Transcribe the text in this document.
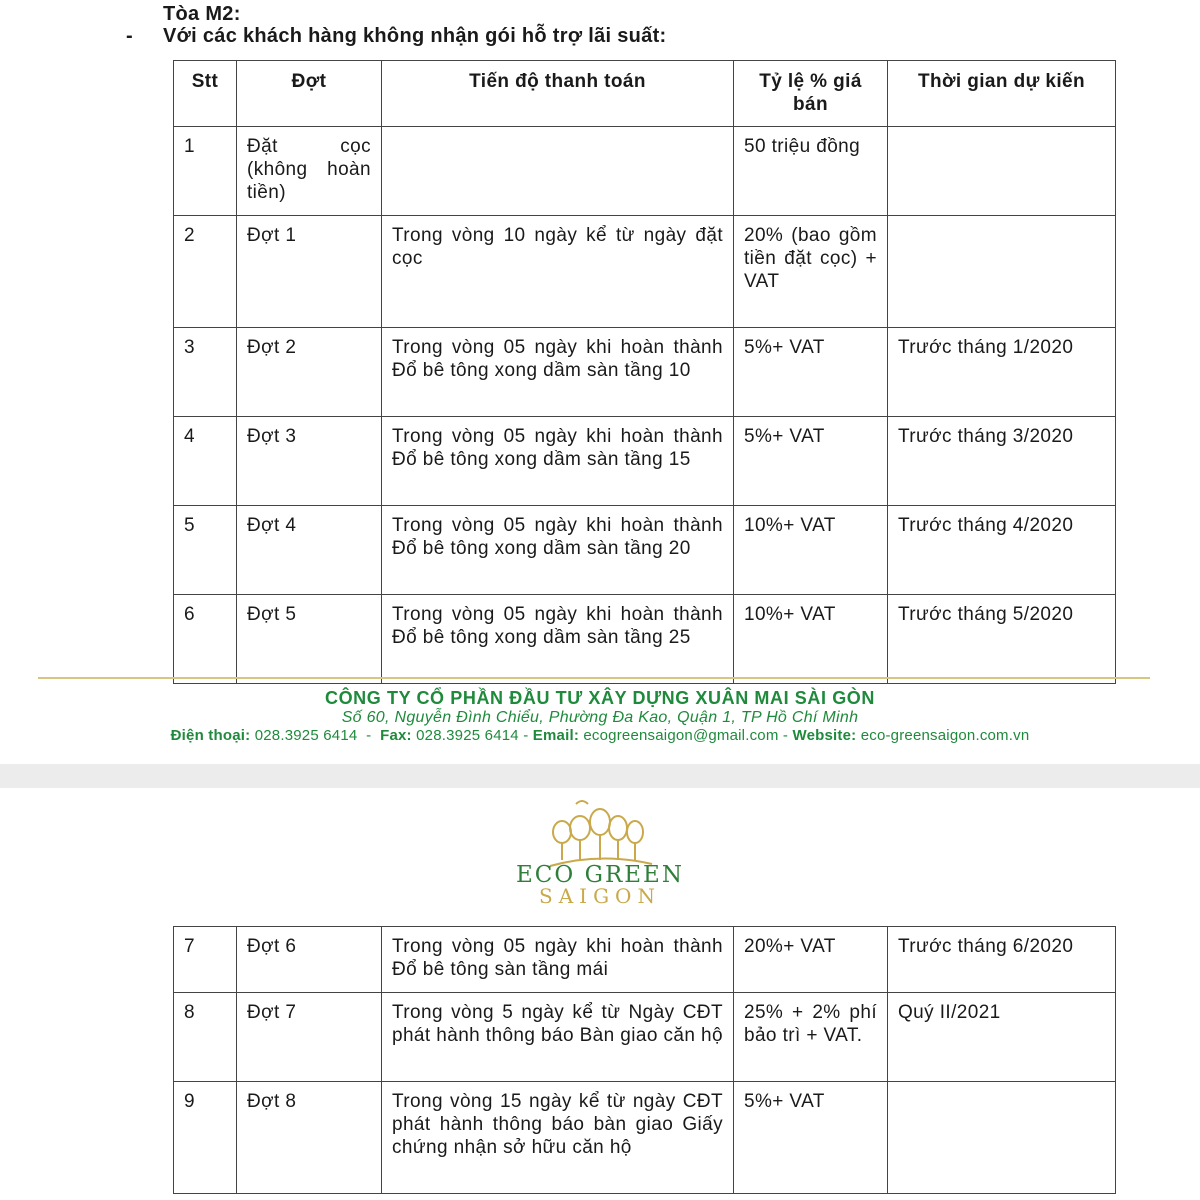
Tòa M2:
- Với các khách hàng không nhận gói hỗ trợ lãi suất:
Stt	Đợt	Tiến độ thanh toán	Tỷ lệ % giá bán	Thời gian dự kiến
1	Đặt cọc (không hoàn tiền)		50 triệu đồng	
2	Đợt 1	Trong vòng 10 ngày kể từ ngày đặt cọc	20% (bao gồm tiền đặt cọc) + VAT	
3	Đợt 2	Trong vòng 05 ngày khi hoàn thành Đổ bê tông xong dầm sàn tầng 10	5%+ VAT	Trước tháng 1/2020
4	Đợt 3	Trong vòng 05 ngày khi hoàn thành Đổ bê tông xong dầm sàn tầng 15	5%+ VAT	Trước tháng 3/2020
5	Đợt 4	Trong vòng 05 ngày khi hoàn thành Đổ bê tông xong dầm sàn tầng 20	10%+ VAT	Trước tháng 4/2020
6	Đợt 5	Trong vòng 05 ngày khi hoàn thành Đổ bê tông xong dầm sàn tầng 25	10%+ VAT	Trước tháng 5/2020
CÔNG TY CỔ PHẦN ĐẦU TƯ XÂY DỰNG XUÂN MAI SÀI GÒN
Số 60, Nguyễn Đình Chiểu, Phường Đa Kao, Quận 1, TP Hồ Chí Minh
Điện thoại: 028.3925 6414 - Fax: 028.3925 6414 - Email: ecogreensaigon@gmail.com - Website: eco-greensaigon.com.vn
ECO GREEN
SAIGON
7	Đợt 6	Trong vòng 05 ngày khi hoàn thành Đổ bê tông sàn tầng mái	20%+ VAT	Trước tháng 6/2020
8	Đợt 7	Trong vòng 5 ngày kể từ Ngày CĐT phát hành thông báo Bàn giao căn hộ	25% + 2% phí bảo trì + VAT.	Quý II/2021
9	Đợt 8	Trong vòng 15 ngày kể từ ngày CĐT phát hành thông báo bàn giao Giấy chứng nhận sở hữu căn hộ	5%+ VAT	
